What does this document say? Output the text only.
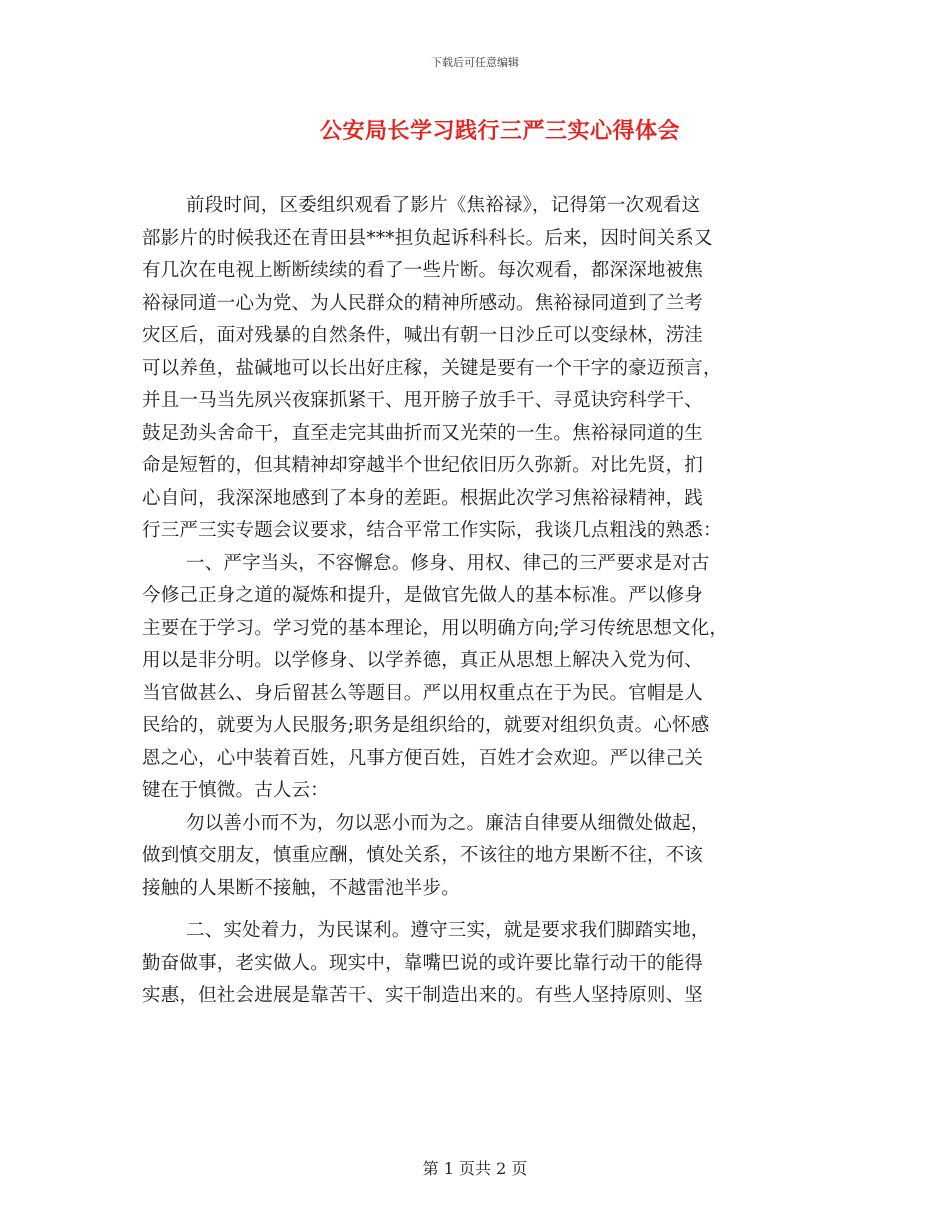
下载后可任意编辑
公安局长学习践行三严三实心得体会
前段时间，区委组织观看了影片《焦裕禄》，记得第一次观看这
部影片的时候我还在青田县***担负起诉科科长。后来，因时间关系又
有几次在电视上断断续续的看了一些片断。每次观看，都深深地被焦
裕禄同道一心为党、为人民群众的精神所感动。焦裕禄同道到了兰考
灾区后，面对残暴的自然条件，喊出有朝一日沙丘可以变绿林，涝洼
可以养鱼，盐碱地可以长出好庄稼，关键是要有一个干字的豪迈预言，
并且一马当先夙兴夜寐抓紧干、甩开膀子放手干、寻觅诀窍科学干、
鼓足劲头舍命干，直至走完其曲折而又光荣的一生。焦裕禄同道的生
命是短暂的，但其精神却穿越半个世纪依旧历久弥新。对比先贤，扪
心自问，我深深地感到了本身的差距。根据此次学习焦裕禄精神，践
行三严三实专题会议要求，结合平常工作实际，我谈几点粗浅的熟悉：
一、严字当头，不容懈怠。修身、用权、律己的三严要求是对古
今修己正身之道的凝炼和提升，是做官先做人的基本标准。严以修身
主要在于学习。学习党的基本理论，用以明确方向;学习传统思想文化，
用以是非分明。以学修身、以学养德，真正从思想上解决入党为何、
当官做甚么、身后留甚么等题目。严以用权重点在于为民。官帽是人
民给的，就要为人民服务;职务是组织给的，就要对组织负责。心怀感
恩之心，心中装着百姓，凡事方便百姓，百姓才会欢迎。严以律己关
键在于慎微。古人云：
勿以善小而不为，勿以恶小而为之。廉洁自律要从细微处做起，
做到慎交朋友，慎重应酬，慎处关系，不该往的地方果断不往，不该
接触的人果断不接触，不越雷池半步。
二、实处着力，为民谋利。遵守三实，就是要求我们脚踏实地，
勤奋做事，老实做人。现实中，靠嘴巴说的或许要比靠行动干的能得
实惠，但社会进展是靠苦干、实干制造出来的。有些人坚持原则、坚
第 1 页共 2 页
